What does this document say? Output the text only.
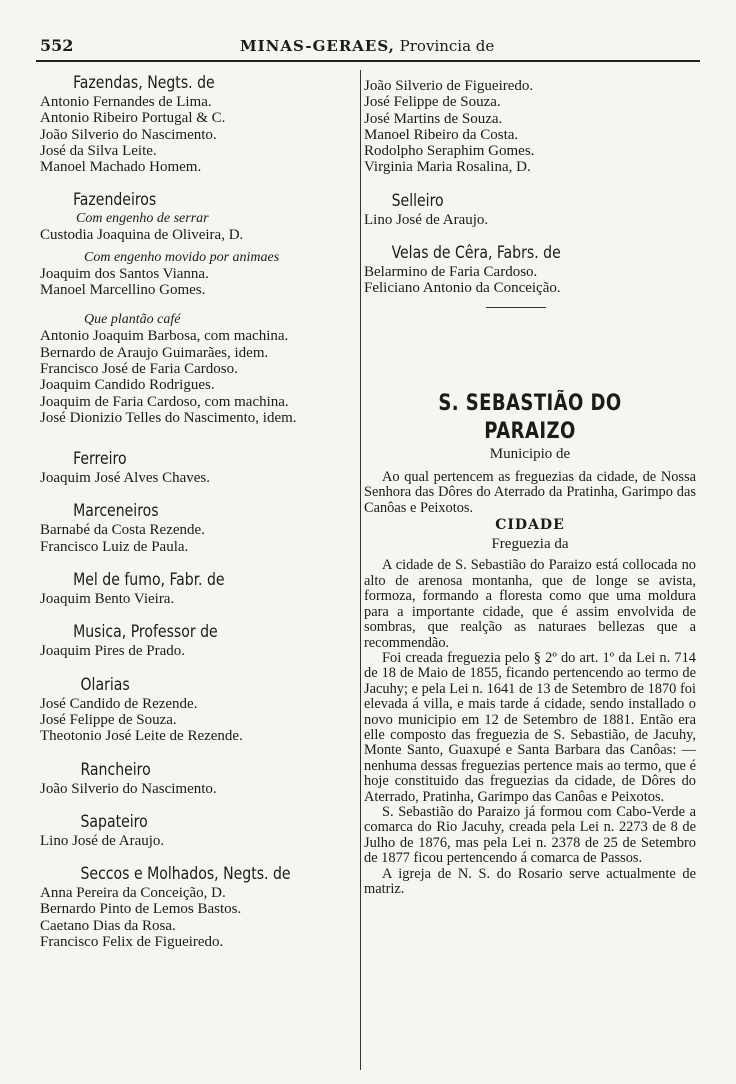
552	MINAS-GERAES, Provincia de
Fazendas, Negts. de
Antonio Fernandes de Lima.
Antonio Ribeiro Portugal & C.
João Silverio do Nascimento.
José da Silva Leite.
Manoel Machado Homem.
Fazendeiros
Com engenho de serrar
Custodia Joaquina de Oliveira, D.
Com engenho movido por animaes
Joaquim dos Santos Vianna.
Manoel Marcellino Gomes.
Que plantão café
Antonio Joaquim Barbosa, com machina.
Bernardo de Araujo Guimarães, idem.
Francisco José de Faria Cardoso.
Joaquim Candido Rodrigues.
Joaquim de Faria Cardoso, com machina.
José Dionizio Telles do Nascimento, idem.
Ferreiro
Joaquim José Alves Chaves.
Marceneiros
Barnabé da Costa Rezende.
Francisco Luiz de Paula.
Mel de fumo, Fabr. de
Joaquim Bento Vieira.
Musica, Professor de
Joaquim Pires de Prado.
Olarias
José Candido de Rezende.
José Felippe de Souza.
Theotonio José Leite de Rezende.
Rancheiro
João Silverio do Nascimento.
Sapateiro
Lino José de Araujo.
Seccos e Molhados, Negts. de
Anna Pereira da Conceição, D.
Bernardo Pinto de Lemos Bastos.
Caetano Dias da Rosa.
Francisco Felix de Figueiredo.
João Silverio de Figueiredo.
José Felippe de Souza.
José Martins de Souza.
Manoel Ribeiro da Costa.
Rodolpho Seraphim Gomes.
Virginia Maria Rosalina, D.
Selleiro
Lino José de Araujo.
Velas de Cêra, Fabrs. de
Belarmino de Faria Cardoso.
Feliciano Antonio da Conceição.
S. SEBASTIÃO DO PARAIZO
Municipio de
Ao qual pertencem as freguezias da cidade, de Nossa Senhora das Dôres do Aterrado da Pratinha, Garimpo das Canôas e Peixotos.
CIDADE
Freguezia da
A cidade de S. Sebastião do Paraizo está collocada no alto de arenosa montanha, que de longe se avista, formoza, formando a floresta como que uma moldura para a importante cidade, que é assim envolvida de sombras, que realção as naturaes bellezas que a recommendão.
Foi creada freguezia pelo § 2º do art. 1º da Lei n. 714 de 18 de Maio de 1855, ficando pertencendo ao termo de Jacuhy; e pela Lei n. 1641 de 13 de Setembro de 1870 foi elevada á villa, e mais tarde á cidade, sendo installado o novo municipio em 12 de Setembro de 1881. Então era elle composto das freguezia de S. Sebastião, de Jacuhy, Monte Santo, Guaxupé e Santa Barbara das Canôas: — nenhuma dessas freguezias pertence mais ao termo, que é hoje constituido das freguezias da cidade, de Dôres do Aterrado, Pratinha, Garimpo das Canôas e Peixotos.
S. Sebastião do Paraizo já formou com Cabo-Verde a comarca do Rio Jacuhy, creada pela Lei n. 2273 de 8 de Julho de 1876, mas pela Lei n. 2378 de 25 de Setembro de 1877 ficou pertencendo á comarca de Passos.
A igreja de N. S. do Rosario serve actualmente de matriz.
